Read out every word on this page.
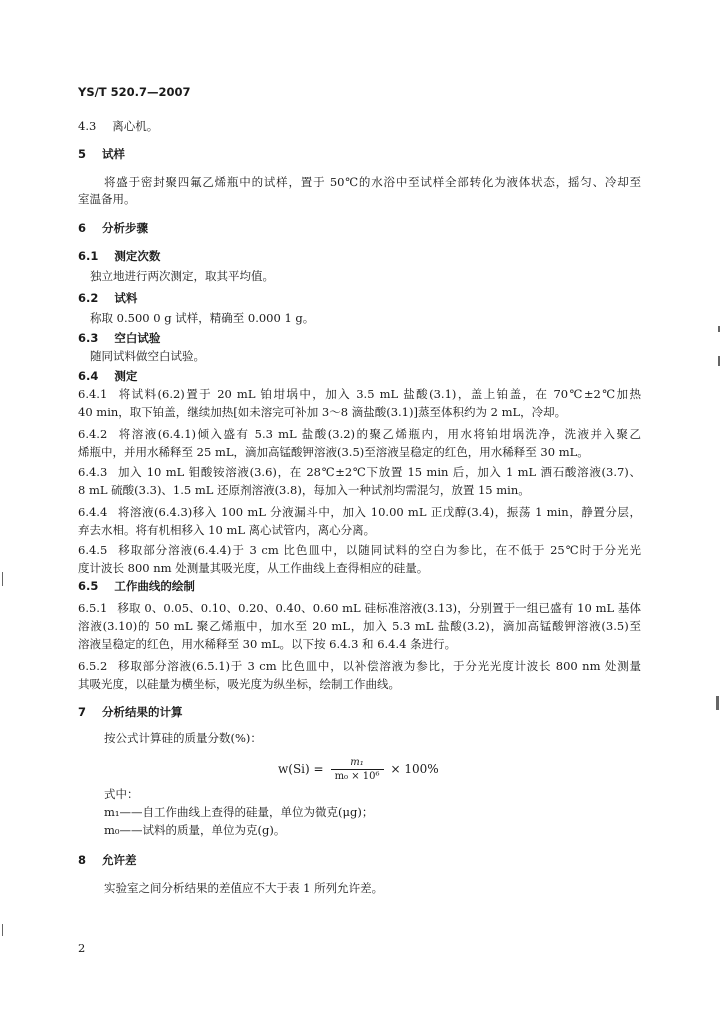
YS/T 520.7—2007
4.3 离心机。
5 试样
将盛于密封聚四氟乙烯瓶中的试样，置于 50℃的水浴中至试样全部转化为液体状态，摇匀、冷却至
室温备用。
6 分析步骤
6.1 测定次数
独立地进行两次测定，取其平均值。
6.2 试料
称取 0.500 0 g 试样，精确至 0.000 1 g。
6.3 空白试验
随同试料做空白试验。
6.4 测定
6.4.1 将试料(6.2)置于 20 mL 铂坩埚中，加入 3.5 mL 盐酸(3.1)，盖上铂盖，在 70℃±2℃加热
40 min，取下铂盖，继续加热[如未溶完可补加 3～8 滴盐酸(3.1)]蒸至体积约为 2 mL，冷却。
6.4.2 将溶液(6.4.1)倾入盛有 5.3 mL 盐酸(3.2)的聚乙烯瓶内，用水将铂坩埚洗净，洗液并入聚乙
烯瓶中，并用水稀释至 25 mL，滴加高锰酸钾溶液(3.5)至溶液呈稳定的红色，用水稀释至 30 mL。
6.4.3 加入 10 mL 钼酸铵溶液(3.6)，在 28℃±2℃下放置 15 min 后，加入 1 mL 酒石酸溶液(3.7)、
8 mL 硫酸(3.3)、1.5 mL 还原剂溶液(3.8)，每加入一种试剂均需混匀，放置 15 min。
6.4.4 将溶液(6.4.3)移入 100 mL 分液漏斗中，加入 10.00 mL 正戊醇(3.4)，振荡 1 min，静置分层，
弃去水相。将有机相移入 10 mL 离心试管内，离心分离。
6.4.5 移取部分溶液(6.4.4)于 3 cm 比色皿中，以随同试料的空白为参比，在不低于 25℃时于分光光
度计波长 800 nm 处测量其吸光度，从工作曲线上查得相应的硅量。
6.5 工作曲线的绘制
6.5.1 移取 0、0.05、0.10、0.20、0.40、0.60 mL 硅标准溶液(3.13)，分别置于一组已盛有 10 mL 基体
溶液(3.10)的 50 mL 聚乙烯瓶中，加水至 20 mL，加入 5.3 mL 盐酸(3.2)，滴加高锰酸钾溶液(3.5)至
溶液呈稳定的红色，用水稀释至 30 mL。以下按 6.4.3 和 6.4.4 条进行。
6.5.2 移取部分溶液(6.5.1)于 3 cm 比色皿中，以补偿溶液为参比，于分光光度计波长 800 nm 处测量
其吸光度，以硅量为横坐标，吸光度为纵坐标，绘制工作曲线。
7 分析结果的计算
按公式计算硅的质量分数(%)：
$w(Si) = \frac{\text{m₁}}{\text{m₀ × 10⁶}} \times 100\%$
式中：
m₁——自工作曲线上查得的硅量，单位为微克(μg)；
m₀——试料的质量，单位为克(g)。
8 允许差
实验室之间分析结果的差值应不大于表 1 所列允许差。
2
